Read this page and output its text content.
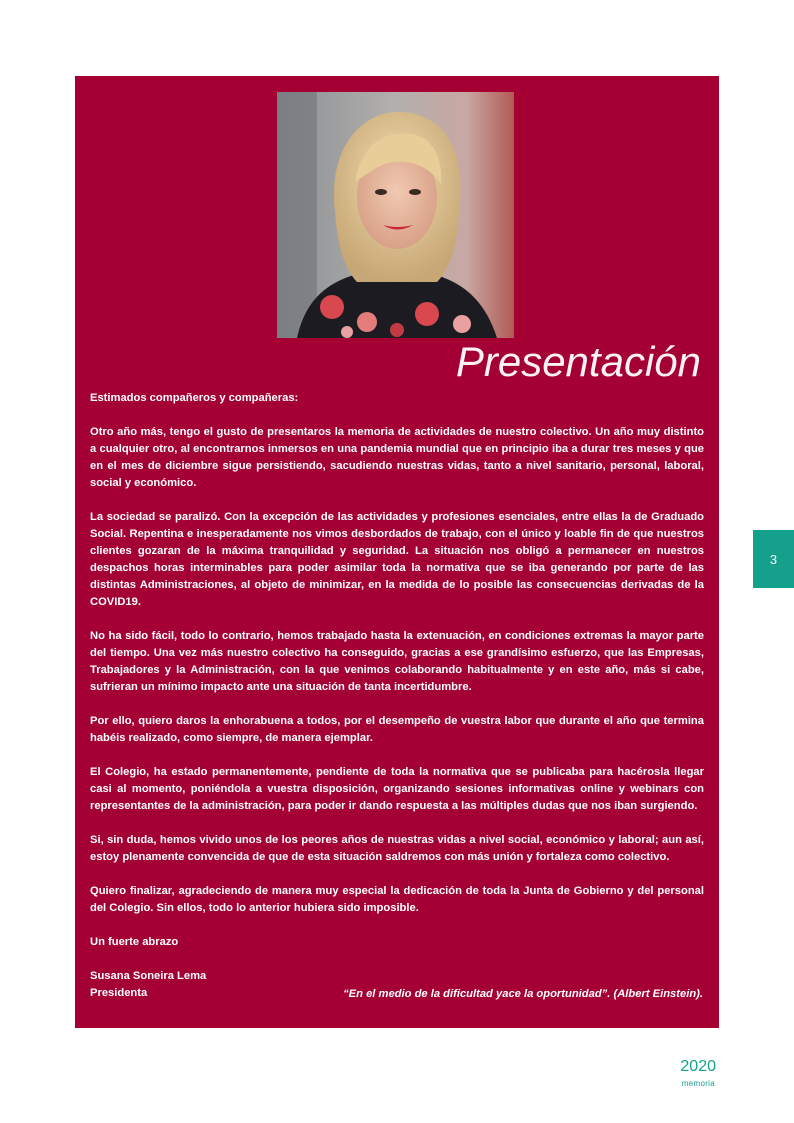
Presentación

Estimados compañeros y compañeras:

Otro año más, tengo el gusto de presentaros la memoria de actividades de nuestro colectivo. Un año muy distinto a cualquier otro, al encontrarnos inmersos en una pandemia mundial que en principio iba a durar tres meses y que en el mes de diciembre sigue persistiendo, sacudiendo nuestras vidas, tanto a nivel sanitario, personal, laboral, social y económico.

La sociedad se paralizó. Con la excepción de las actividades y profesiones esenciales, entre ellas la de Graduado Social. Repentina e inesperadamente nos vimos desbordados de trabajo, con el único y loable fin de que nuestros clientes gozaran de la máxima tranquilidad y seguridad. La situación nos obligó a permanecer en nuestros despachos horas interminables para poder asimilar toda la normativa que se iba generando por parte de las distintas Administraciones, al objeto de minimizar, en la medida de lo posible las consecuencias derivadas de la COVID19.

No ha sido fácil, todo lo contrario, hemos trabajado hasta la extenuación, en condiciones extremas la mayor parte del tiempo. Una vez más nuestro colectivo ha conseguido, gracias a ese grandísimo esfuerzo, que las Empresas, Trabajadores y la Administración, con la que venimos colaborando habitualmente y en este año, más si cabe, sufrieran un mínimo impacto ante una situación de tanta incertidumbre.

Por ello, quiero daros la enhorabuena a todos, por el desempeño de vuestra labor que durante el año que termina habéis realizado, como siempre, de manera ejemplar.

El Colegio, ha estado permanentemente, pendiente de toda la normativa que se publicaba para hacérosla llegar casi al momento, poniéndola a vuestra disposición, organizando sesiones informativas online y webinars con representantes de la administración, para poder ir dando respuesta a las múltiples dudas que nos iban surgiendo.

Si, sin duda, hemos vivido unos de los peores años de nuestras vidas a nivel social, económico y laboral; aun así, estoy plenamente convencida de que de esta situación saldremos con más unión y fortaleza como colectivo.

Quiero finalizar, agradeciendo de manera muy especial la dedicación de toda la Junta de Gobierno y del personal del Colegio. Sin ellos, todo lo anterior hubiera sido imposible.

Un fuerte abrazo

Susana Soneira Lema

Presidenta	“En el medio de la dificultad yace la oportunidad”. (Albert Einstein).
3
2020
memoria
